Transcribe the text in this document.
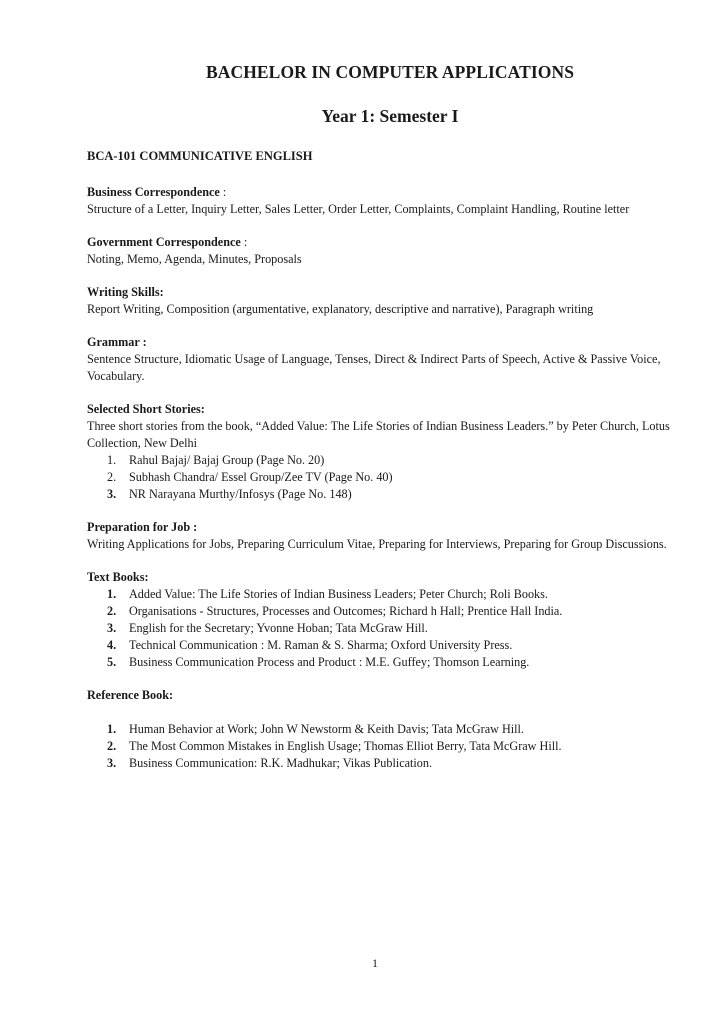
BACHELOR IN COMPUTER APPLICATIONS
Year 1: Semester I
BCA-101 COMMUNICATIVE ENGLISH
Business Correspondence :

Structure of a Letter, Inquiry Letter, Sales Letter, Order Letter, Complaints, Complaint Handling, Routine letter

Government Correspondence :

Noting, Memo, Agenda, Minutes, Proposals

Writing Skills:

Report Writing, Composition (argumentative, explanatory, descriptive and narrative), Paragraph writing

Grammar :

Sentence Structure, Idiomatic Usage of Language, Tenses, Direct & Indirect Parts of Speech, Active & Passive Voice, Vocabulary.

Selected Short Stories:

Three short stories from the book, “Added Value: The Life Stories of Indian Business Leaders.” by Peter Church, Lotus Collection, New Delhi

1. Rahul Bajaj/ Bajaj Group (Page No. 20)
2. Subhash Chandra/ Essel Group/Zee TV (Page No. 40)
3. NR Narayana Murthy/Infosys (Page No. 148)
Preparation for Job :

Writing Applications for Jobs, Preparing Curriculum Vitae, Preparing for Interviews, Preparing for Group Discussions.

Text Books:
1. Added Value: The Life Stories of Indian Business Leaders; Peter Church; Roli Books.
2. Organisations - Structures, Processes and Outcomes; Richard h Hall; Prentice Hall India.
3. English for the Secretary; Yvonne Hoban; Tata McGraw Hill.
4. Technical Communication : M. Raman & S. Sharma; Oxford University Press.
5. Business Communication Process and Product : M.E. Guffey; Thomson Learning.
Reference Book:
1. Human Behavior at Work; John W Newstorm & Keith Davis; Tata McGraw Hill.
2. The Most Common Mistakes in English Usage; Thomas Elliot Berry, Tata McGraw Hill.
3. Business Communication: R.K. Madhukar; Vikas Publication.
1
